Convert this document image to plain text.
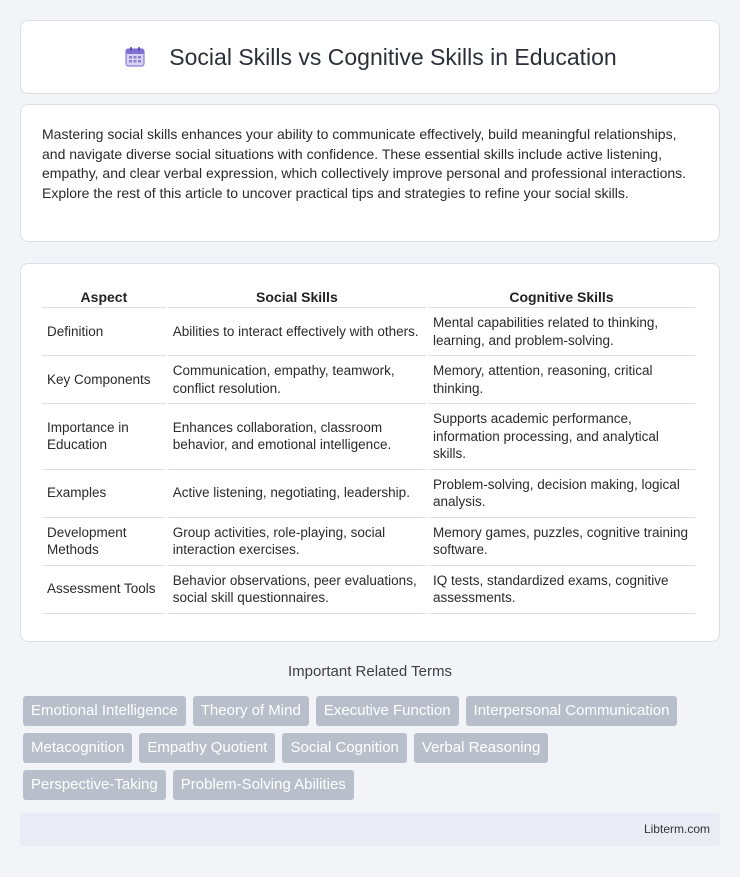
Social Skills vs Cognitive Skills in Education

Mastering social skills enhances your ability to communicate effectively, build meaningful relationships, and navigate diverse social situations with confidence. These essential skills include active listening, empathy, and clear verbal expression, which collectively improve personal and professional interactions. Explore the rest of this article to uncover practical tips and strategies to refine your social skills.

Aspect	Social Skills	Cognitive Skills
Definition	Abilities to interact effectively with others.	Mental capabilities related to thinking, learning, and problem-solving.
Key Components	Communication, empathy, teamwork, conflict resolution.	Memory, attention, reasoning, critical thinking.
Importance in Education	Enhances collaboration, classroom behavior, and emotional intelligence.	Supports academic performance, information processing, and analytical skills.
Examples	Active listening, negotiating, leadership.	Problem-solving, decision making, logical analysis.
Development Methods	Group activities, role-playing, social interaction exercises.	Memory games, puzzles, cognitive training software.
Assessment Tools	Behavior observations, peer evaluations, social skill questionnaires.	IQ tests, standardized exams, cognitive assessments.
Important Related Terms
Emotional Intelligence	Theory of Mind	Executive Function	Interpersonal Communication
Metacognition	Empathy Quotient	Social Cognition	Verbal Reasoning
Perspective-Taking	Problem-Solving Abilities
Libterm.com
